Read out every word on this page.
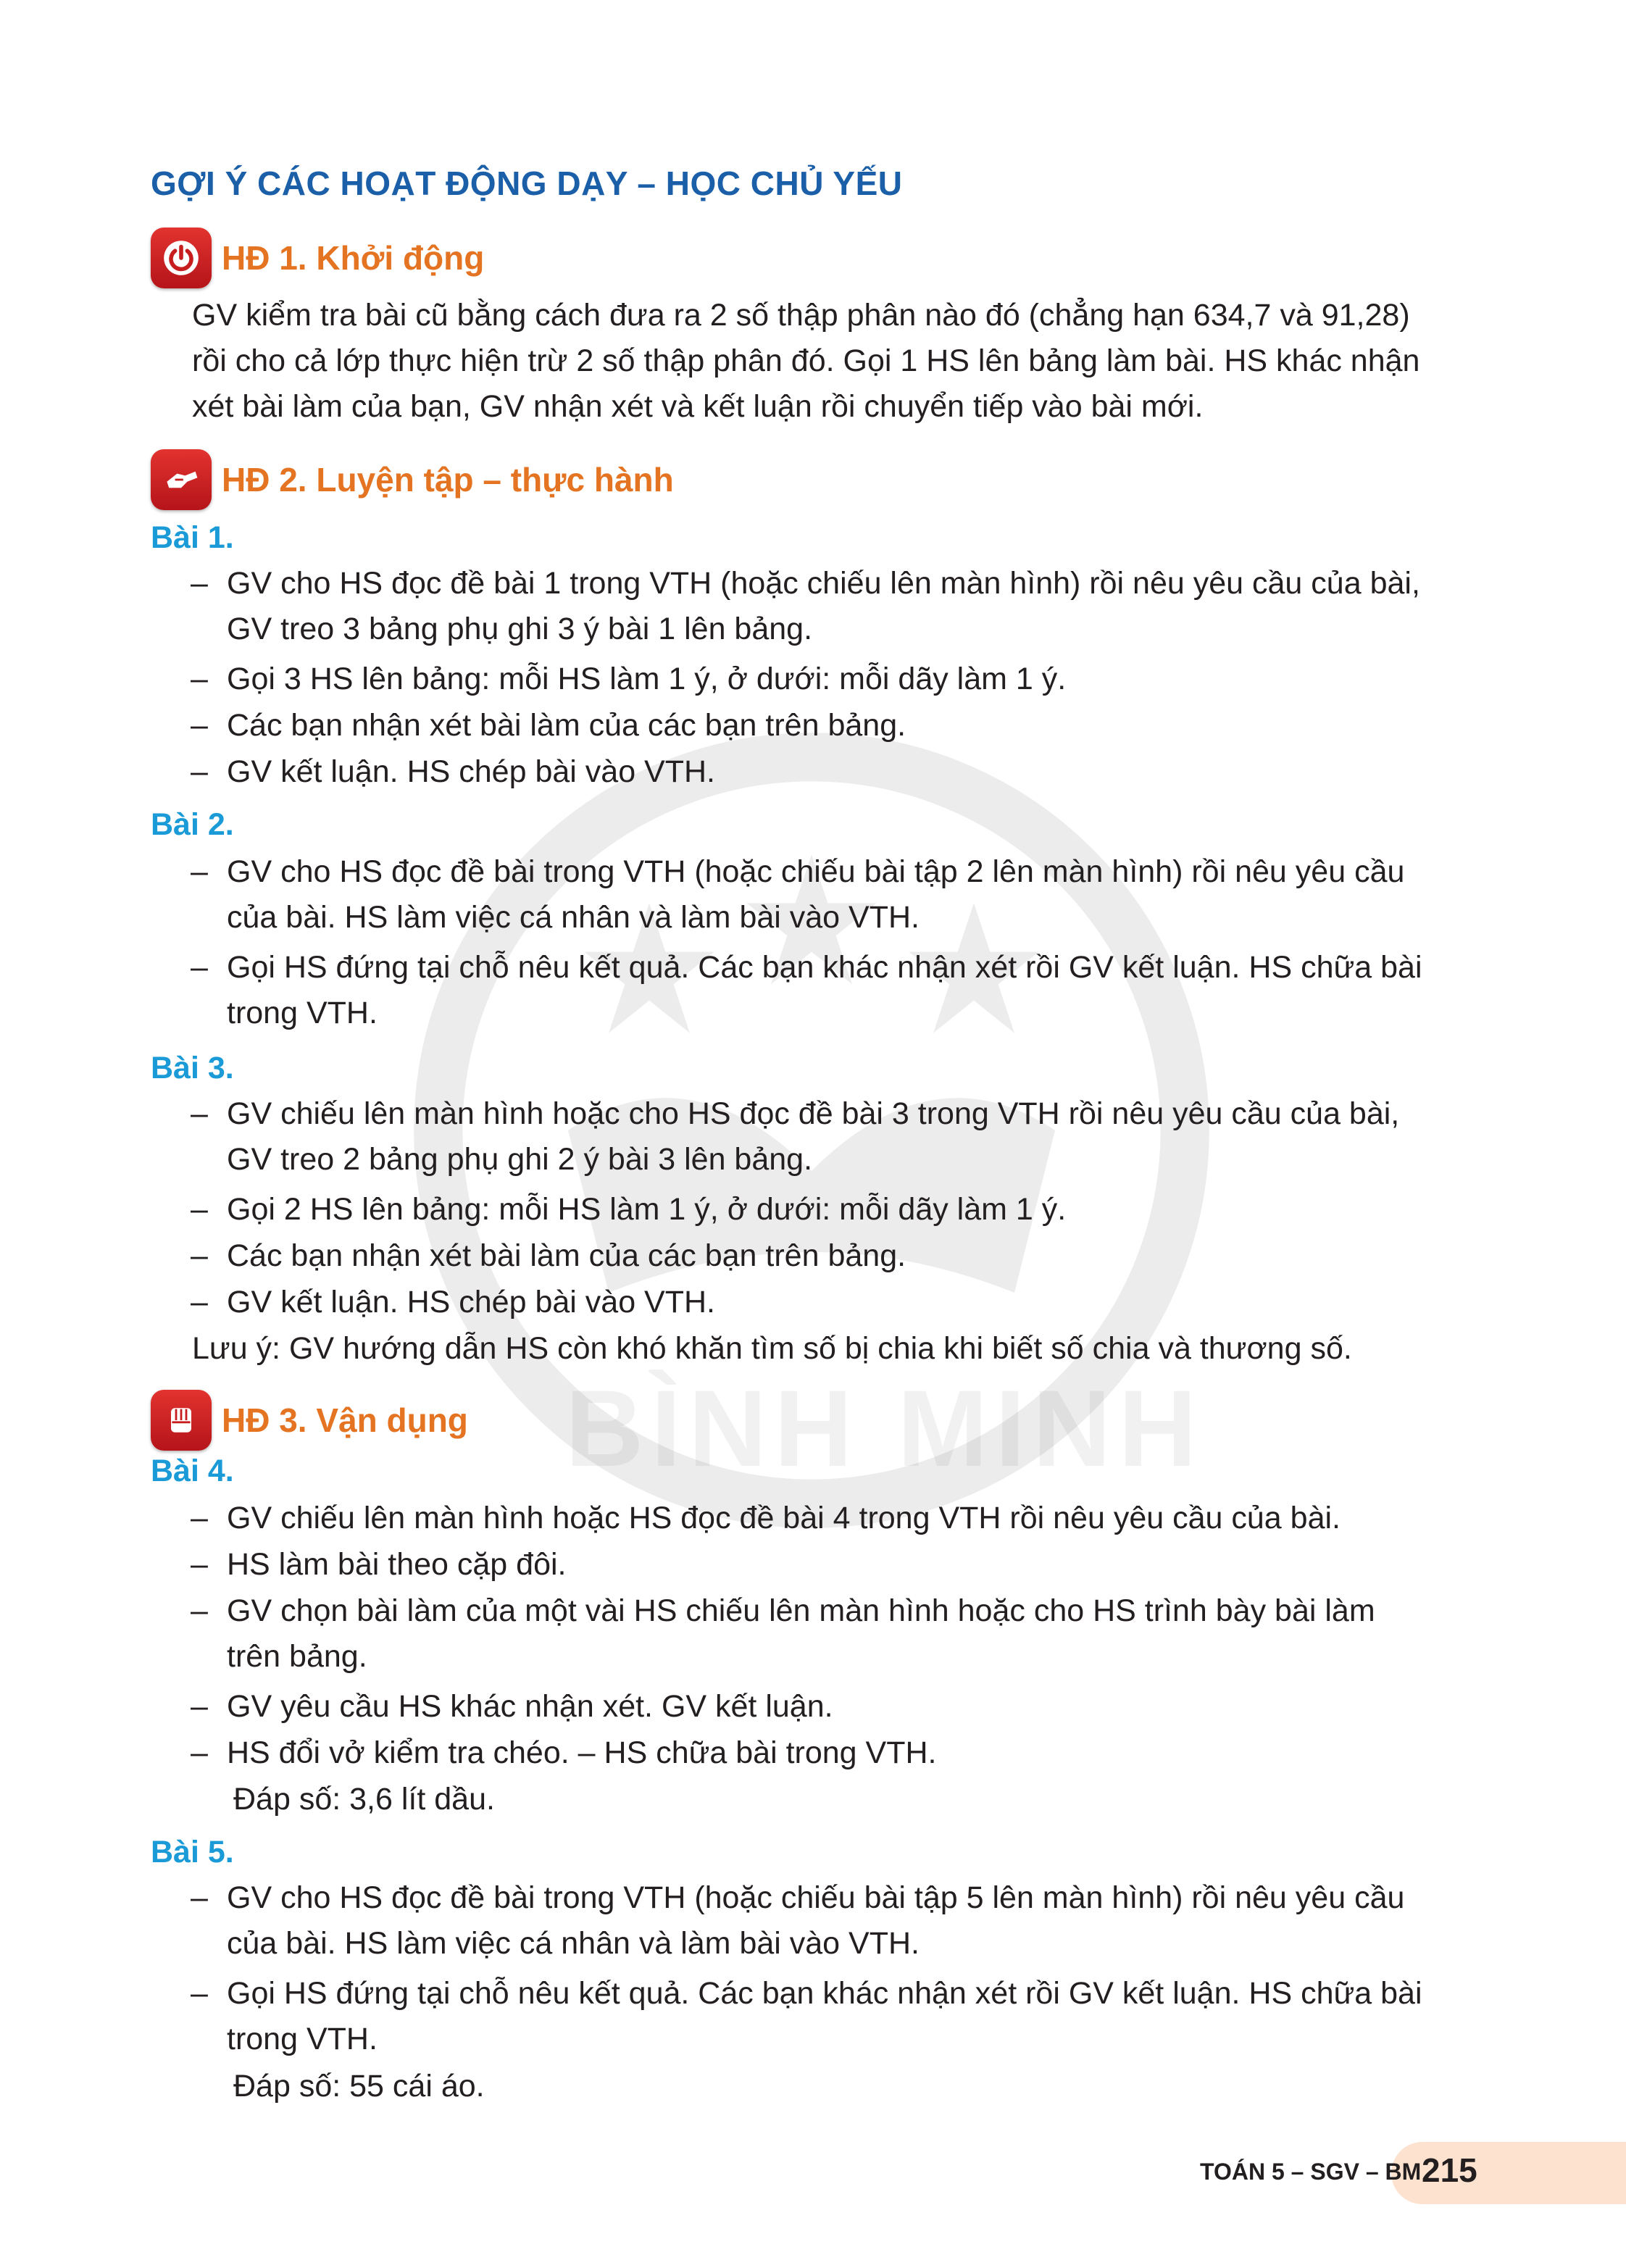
BÌNH MINH
GỢI Ý CÁC HOẠT ĐỘNG DẠY – HỌC CHỦ YẾU
HĐ 1. Khởi động
GV kiểm tra bài cũ bằng cách đưa ra 2 số thập phân nào đó (chẳng hạn 634,7 và 91,28)
rồi cho cả lớp thực hiện trừ 2 số thập phân đó. Gọi 1 HS lên bảng làm bài. HS khác nhận
xét bài làm của bạn, GV nhận xét và kết luận rồi chuyển tiếp vào bài mới.
HĐ 2. Luyện tập – thực hành
Bài 1.
– GV cho HS đọc đề bài 1 trong VTH (hoặc chiếu lên màn hình) rồi nêu yêu cầu của bài,
GV treo 3 bảng phụ ghi 3 ý bài 1 lên bảng.
– Gọi 3 HS lên bảng: mỗi HS làm 1 ý, ở dưới: mỗi dãy làm 1 ý.
– Các bạn nhận xét bài làm của các bạn trên bảng.
– GV kết luận. HS chép bài vào VTH.
Bài 2.
– GV cho HS đọc đề bài trong VTH (hoặc chiếu bài tập 2 lên màn hình) rồi nêu yêu cầu
của bài. HS làm việc cá nhân và làm bài vào VTH.
– Gọi HS đứng tại chỗ nêu kết quả. Các bạn khác nhận xét rồi GV kết luận. HS chữa bài
trong VTH.
Bài 3.
– GV chiếu lên màn hình hoặc cho HS đọc đề bài 3 trong VTH rồi nêu yêu cầu của bài,
GV treo 2 bảng phụ ghi 2 ý bài 3 lên bảng.
– Gọi 2 HS lên bảng: mỗi HS làm 1 ý, ở dưới: mỗi dãy làm 1 ý.
– Các bạn nhận xét bài làm của các bạn trên bảng.
– GV kết luận. HS chép bài vào VTH.
Lưu ý: GV hướng dẫn HS còn khó khăn tìm số bị chia khi biết số chia và thương số.
HĐ 3. Vận dụng
Bài 4.
– GV chiếu lên màn hình hoặc HS đọc đề bài 4 trong VTH rồi nêu yêu cầu của bài.
– HS làm bài theo cặp đôi.
– GV chọn bài làm của một vài HS chiếu lên màn hình hoặc cho HS trình bày bài làm
trên bảng.
– GV yêu cầu HS khác nhận xét. GV kết luận.
– HS đổi vở kiểm tra chéo. – HS chữa bài trong VTH.
Đáp số: 3,6 lít dầu.
Bài 5.
– GV cho HS đọc đề bài trong VTH (hoặc chiếu bài tập 5 lên màn hình) rồi nêu yêu cầu
của bài. HS làm việc cá nhân và làm bài vào VTH.
– Gọi HS đứng tại chỗ nêu kết quả. Các bạn khác nhận xét rồi GV kết luận. HS chữa bài
trong VTH.
Đáp số: 55 cái áo.
TOÁN 5 – SGV – BM 215
